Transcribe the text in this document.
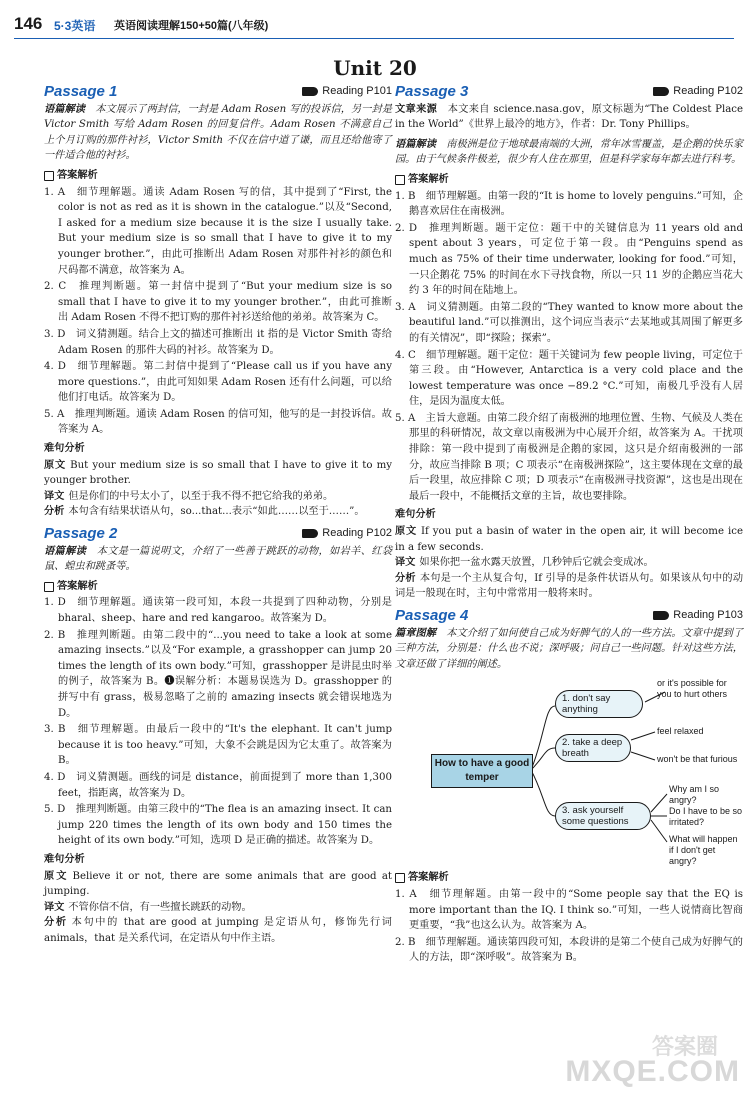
146 5·3英语 英语阅读理解150+50篇(八年级)
Unit 20
Passage 1	Reading P101

语篇解读　 本文展示了两封信，一封是 Adam Rosen 写的投诉信，另一封是 Victor Smith 写给 Adam Rosen 的回复信件。Adam Rosen 不满意自己上个月订购的那件衬衫，Victor Smith 不仅在信中道了谦，而且还给他寄了一件适合他的衬衫。

答案解析

1. A　细节理解题。通读 Adam Rosen 写的信，其中提到了“First, the color is not as red as it is shown in the catalogue.”以及“Second, I asked for a medium size because it is the size I usually take. But your medium size is so small that I have to give it to my younger brother.”，由此可推断出 Adam Rosen 对那件衬衫的颜色和尺码都不满意，故答案为 A。

2. C　推理判断题。第一封信中提到了“But your medium size is so small that I have to give it to my younger brother.”，由此可推断出 Adam Rosen 不得不把订购的那件衬衫送给他的弟弟。故答案为 C。

3. D　词义猜测题。结合上文的描述可推断出 it 指的是 Victor Smith 寄给 Adam Rosen 的那件大码的衬衫。故答案为 D。

4. D　细节理解题。第二封信中提到了“Please call us if you have any more questions.”，由此可知如果 Adam Rosen 还有什么问题，可以给他们打电话。故答案为 D。

5. A　推理判断题。通读 Adam Rosen 的信可知，他写的是一封投诉信。故答案为 A。

难句分析

原文 But your medium size is so small that I have to give it to my younger brother.

译文 但是你们的中号太小了，以至于我不得不把它给我的弟弟。

分析 本句含有结果状语从句，so...that...表示“如此……以至于……”。

Passage 2	Reading P102

语篇解读　 本文是一篇说明文，介绍了一些善于跳跃的动物，如岩羊、红袋鼠、蝗虫和跳蚤等。

答案解析

1. D　细节理解题。通读第一段可知，本段一共提到了四种动物，分别是 bharal、sheep、hare and red kangaroo。故答案为 D。

2. B　推理判断题。由第二段中的“...you need to take a look at some amazing insects.”以及“For example, a grasshopper can jump 20 times the length of its own body.”可知，grasshopper 是讲昆虫时举的例子，故答案为 B。❶误解分析：本题易误选为 D。grasshopper 的拼写中有 grass，极易忽略了之前的 amazing insects 就会错误地选为 D。

3. B　细节理解题。由最后一段中的“It's the elephant. It can't jump because it is too heavy.”可知，大象不会跳是因为它太重了。故答案为 B。

4. D　词义猜测题。画线的词是 distance，前面提到了 more than 1,300 feet，指距离，故答案为 D。

5. D　推理判断题。由第三段中的“The flea is an amazing insect. It can jump 220 times the length of its own body and 150 times the height of its own body.”可知，选项 D 是正确的描述。故答案为 D。

难句分析

原文 Believe it or not, there are some animals that are good at jumping.

译文 不管你信不信，有一些擅长跳跃的动物。

分析 本句中的 that are good at jumping 是定语从句，修饰先行词 animals，that 是关系代词，在定语从句中作主语。

Passage 3	Reading P102

文章来源　 本文来自 science.nasa.gov，原文标题为“The Coldest Place in the World”《世界上最冷的地方》，作者：Dr. Tony Phillips。

语篇解读　 南极洲是位于地球最南端的大洲，常年冰雪覆盖，是企鹅的快乐家园。由于气候条件极差，很少有人住在那里，但是科学家每年都去进行科考。

答案解析

1. B　细节理解题。由第一段的“It is home to lovely penguins.”可知，企鹅喜欢居住在南极洲。

2. D　推理判断题。题干定位：题干中的关键信息为 11 years old and spent about 3 years，可定位于第一段。由“Penguins spend as much as 75% of their time underwater, looking for food.”可知，一只企鹅花 75% 的时间在水下寻找食物，所以一只 11 岁的企鹅应当花大约 3 年的时间在陆地上。

3. A　词义猜测题。由第二段的“They wanted to know more about the beautiful land.”可以推测出，这个词应当表示“去某地或其周围了解更多的有关情况”，即“探险；探索”。

4. C　细节理解题。题干定位：题干关键词为 few people living，可定位于第三段。由“However, Antarctica is a very cold place and the lowest temperature was once −89.2 °C.”可知，南极几乎没有人居住，是因为温度太低。

5. A　主旨大意题。由第二段介绍了南极洲的地理位置、生物、气候及人类在那里的科研情况，故文章以南极洲为中心展开介绍，故答案为 A。干扰项排除：第一段中提到了南极洲是企鹅的家园，这只是介绍南极洲的一部分，故应当排除 B 项；C 项表示“在南极洲探险”，这主要体现在文章的最后一段里，故应排除 C 项；D 项表示“在南极洲寻找资源”，这也是出现在最后一段中，不能概括文章的主旨，故也要排除。

难句分析

原文 If you put a basin of water in the open air, it will become ice in a few seconds.

译文 如果你把一盆水露天放置，几秒钟后它就会变成冰。

分析 本句是一个主从复合句，If 引导的是条件状语从句。如果该从句中的动词是一般现在时，主句中常常用一般将来时。

Passage 4	Reading P103

篇章图解　 本文介绍了如何使自己成为好脾气的人的一些方法。文章中提到了三种方法，分别是：什么也不说；深呼吸；问自己一些问题。针对这些方法，文章还做了详细的阐述。

How to have a good temper
1. don't say anything
2. take a deep breath
3. ask yourself some questions
or it's possible for you to hurt others
feel relaxed
won't be that furious
Why am I so angry?
Do I have to be so irritated?
What will happen if I don't get angry?
答案解析

1. A　细节理解题。由第一段中的“Some people say that the EQ is more important than the IQ. I think so.”可知，一些人说情商比智商更重要，“我”也这么认为。故答案为 A。

2. B　细节理解题。通读第四段可知，本段讲的是第二个使自己成为好脾气的人的方法，即“深呼吸”。故答案为 B。

答案圈
MXQE.COM
